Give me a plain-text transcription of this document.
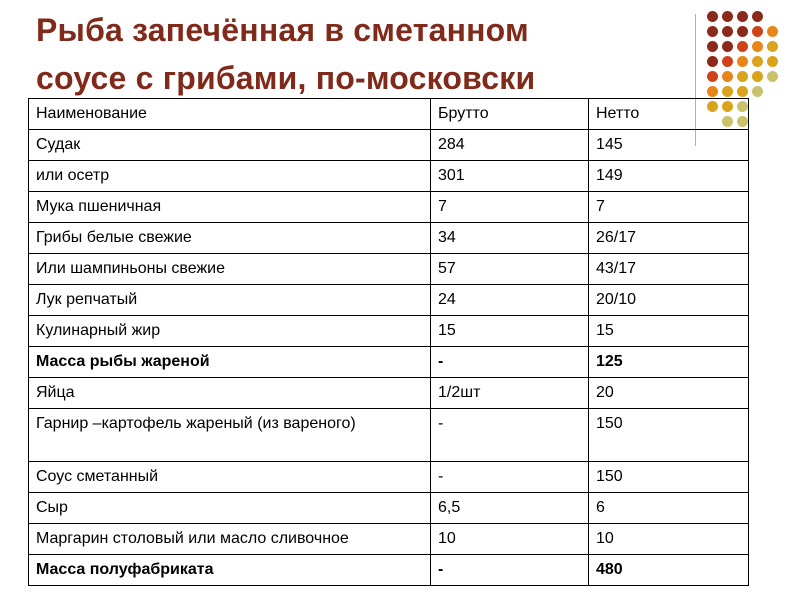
Рыба запечённая в сметанном
соусе с грибами, по-московски
Наименование	Брутто	Нетто
Судак	284	145
или осетр	301	149
Мука пшеничная	7	7
Грибы белые свежие	34	26/17
Или шампиньоны свежие	57	43/17
Лук репчатый	24	20/10
Кулинарный жир	15	15
Масса рыбы жареной	-	125
Яйца	1/2шт	20
Гарнир –картофель жареный (из вареного)	-	150
Соус сметанный	-	150
Сыр	6,5	6
Маргарин столовый или масло сливочное	10	10
Масса полуфабриката	-	480
